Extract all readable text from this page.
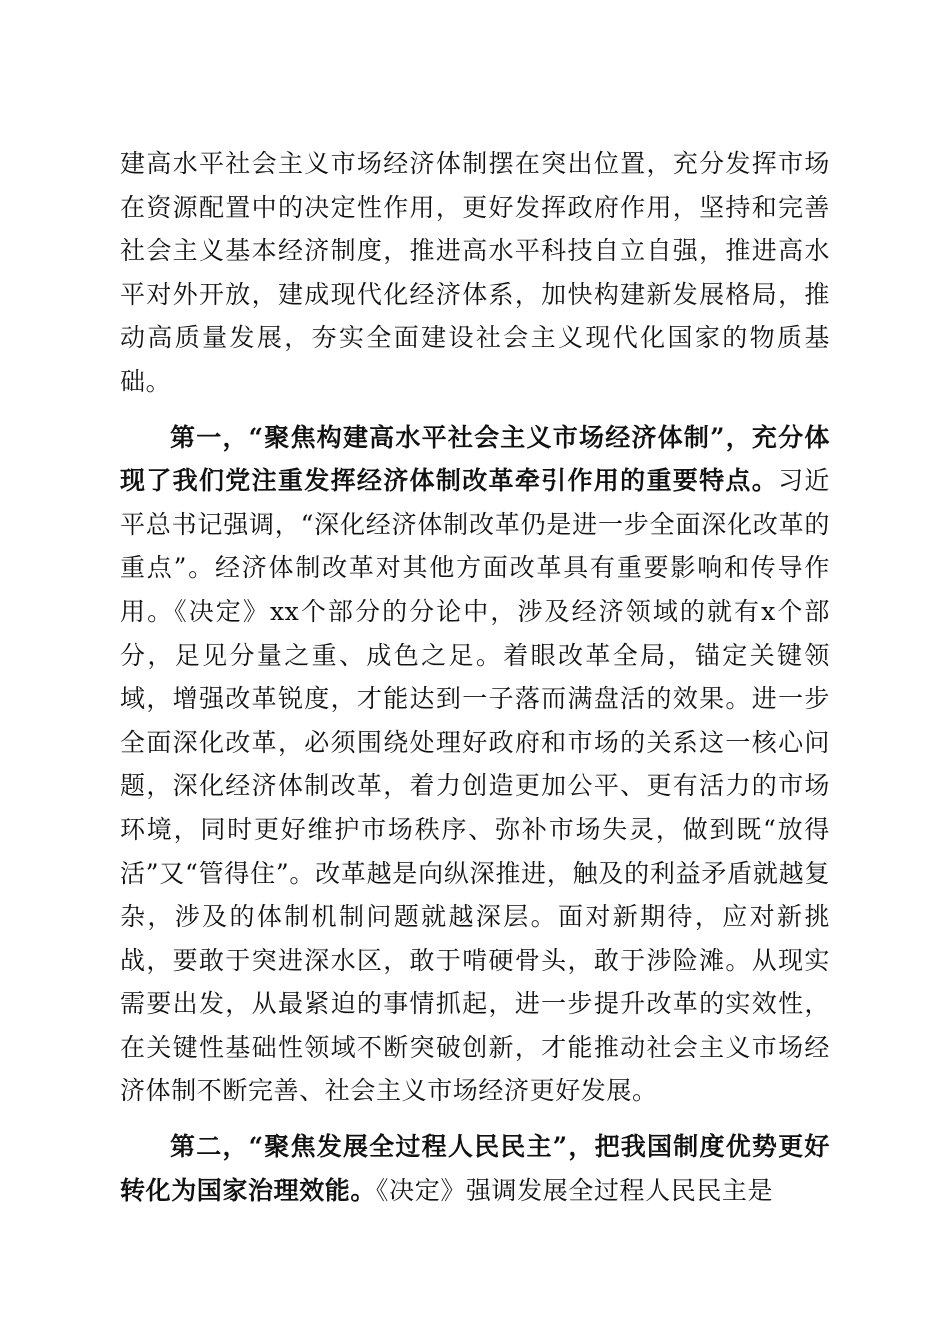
建高水平社会主义市场经济体制摆在突出位置，充分发挥市场在资源配置中的决定性作用，更好发挥政府作用，坚持和完善社会主义基本经济制度，推进高水平科技自立自强，推进高水平对外开放，建成现代化经济体系，加快构建新发展格局，推动高质量发展，夯实全面建设社会主义现代化国家的物质基础。

第一，“聚焦构建高水平社会主义市场经济体制”，充分体现了我们党注重发挥经济体制改革牵引作用的重要特点。习近平总书记强调，“深化经济体制改革仍是进一步全面深化改革的重点”。经济体制改革对其他方面改革具有重要影响和传导作用。《决定》xx个部分的分论中，涉及经济领域的就有x个部分，足见分量之重、成色之足。着眼改革全局，锚定关键领域，增强改革锐度，才能达到一子落而满盘活的效果。进一步全面深化改革，必须围绕处理好政府和市场的关系这一核心问题，深化经济体制改革，着力创造更加公平、更有活力的市场环境，同时更好维护市场秩序、弥补市场失灵，做到既“放得活”又“管得住”。改革越是向纵深推进，触及的利益矛盾就越复杂，涉及的体制机制问题就越深层。面对新期待，应对新挑战，要敢于突进深水区，敢于啃硬骨头，敢于涉险滩。从现实需要出发，从最紧迫的事情抓起，进一步提升改革的实效性，在关键性基础性领域不断突破创新，才能推动社会主义市场经济体制不断完善、社会主义市场经济更好发展。

第二，“聚焦发展全过程人民民主”，把我国制度优势更好转化为国家治理效能。《决定》强调发展全过程人民民主是
